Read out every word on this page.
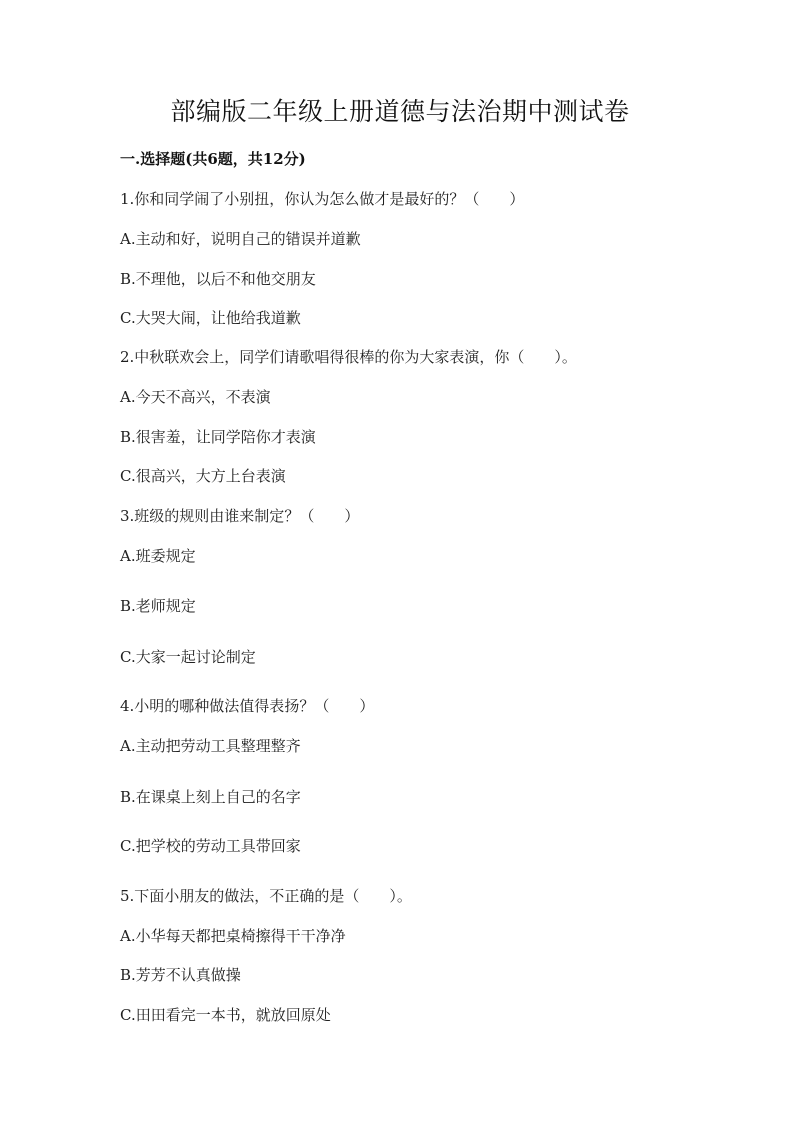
部编版二年级上册道德与法治期中测试卷
一.选择题(共6题，共12分)
1.你和同学闹了小别扭，你认为怎么做才是最好的？（　　）
A.主动和好，说明自己的错误并道歉
B.不理他，以后不和他交朋友
C.大哭大闹，让他给我道歉
2.中秋联欢会上，同学们请歌唱得很棒的你为大家表演，你（　　）。
A.今天不高兴，不表演
B.很害羞，让同学陪你才表演
C.很高兴，大方上台表演
3.班级的规则由谁来制定？（　　）
A.班委规定
B.老师规定
C.大家一起讨论制定
4.小明的哪种做法值得表扬？（　　）
A.主动把劳动工具整理整齐
B.在课桌上刻上自己的名字
C.把学校的劳动工具带回家
5.下面小朋友的做法，不正确的是（　　）。
A.小华每天都把桌椅擦得干干净净
B.芳芳不认真做操
C.田田看完一本书，就放回原处
